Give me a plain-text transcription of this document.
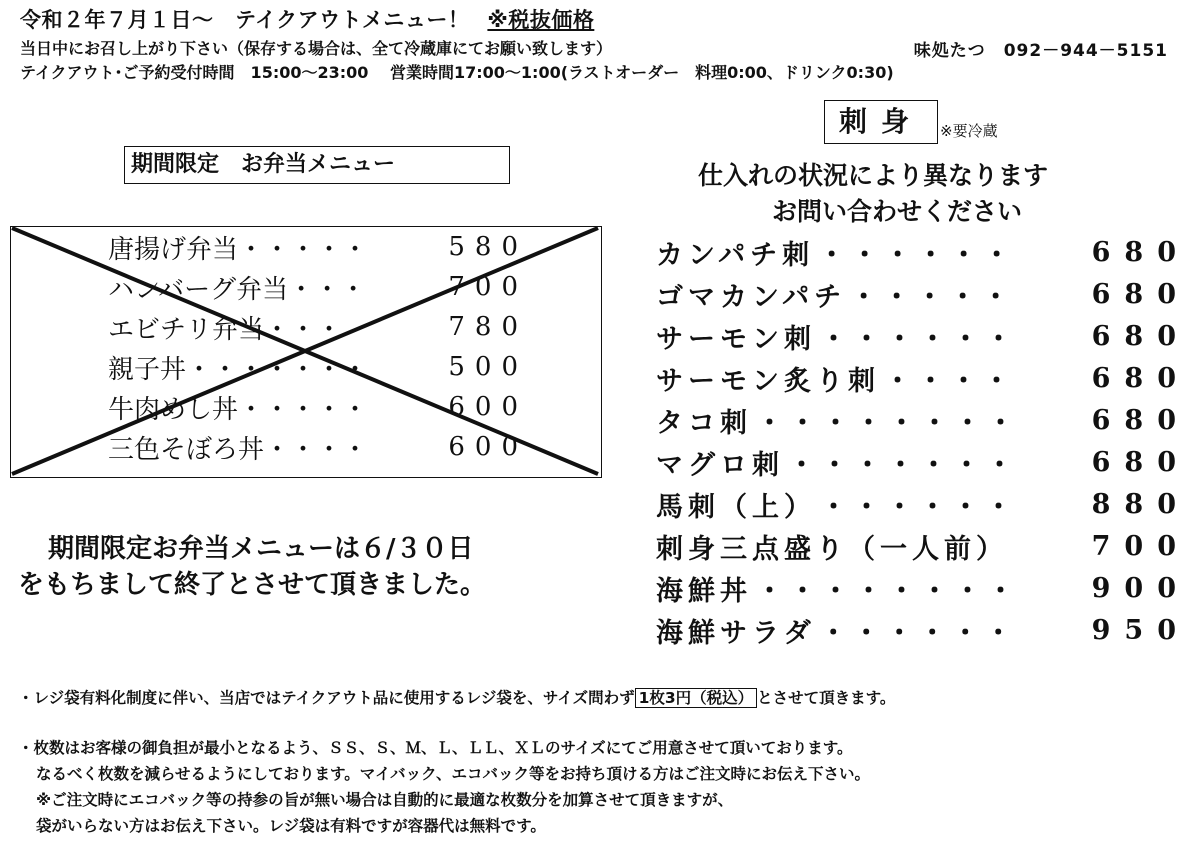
令和２年７月１日～　テイクアウトメニュー！ ※税抜価格
当日中にお召し上がり下さい（保存する場合は、全て冷蔵庫にてお願い致します）	味処たつ　092－944－5151
テイクアウト･ご予約受付時間　15:00～23:00　 営業時間17:00～1:00(ラストオーダー　料理0:00、ドリンク0:30)
期間限定　お弁当メニュー
唐揚げ弁当・・・・・	580
ハンバーグ弁当・・・	700
エビチリ弁当・・・	780
親子丼・・・・・・・	500
牛肉めし丼・・・・・	600
三色そぼろ丼・・・・	600
期間限定お弁当メニューは６/３０日
をもちまして終了とさせて頂きました。
刺身	※要冷蔵
仕入れの状況により異なります
お問い合わせください
カンパチ刺 ・・・・・・	680
ゴマカンパチ ・・・・・	680
サーモン刺 ・・・・・・	680
サーモン炙り刺 ・・・・	680
タコ刺 ・・・・・・・・	680
マグロ刺 ・・・・・・・	680
馬刺（上） ・・・・・・	880
刺身三点盛り（一人前）	700
海鮮丼 ・・・・・・・・	900
海鮮サラダ ・・・・・・	950
・レジ袋有料化制度に伴い、当店ではテイクアウト品に使用するレジ袋を、サイズ問わず 1枚3円（税込） とさせて頂きます。
・枚数はお客様の御負担が最小となるよう、ＳＳ、Ｓ、Ｍ、Ｌ、ＬＬ、ＸＬのサイズにてご用意させて頂いております。
なるべく枚数を減らせるようにしております。マイバック、エコバック等をお持ち頂ける方はご注文時にお伝え下さい。
※ご注文時にエコバック等の持参の旨が無い場合は自動的に最適な枚数分を加算させて頂きますが、
袋がいらない方はお伝え下さい。レジ袋は有料ですが容器代は無料です。
